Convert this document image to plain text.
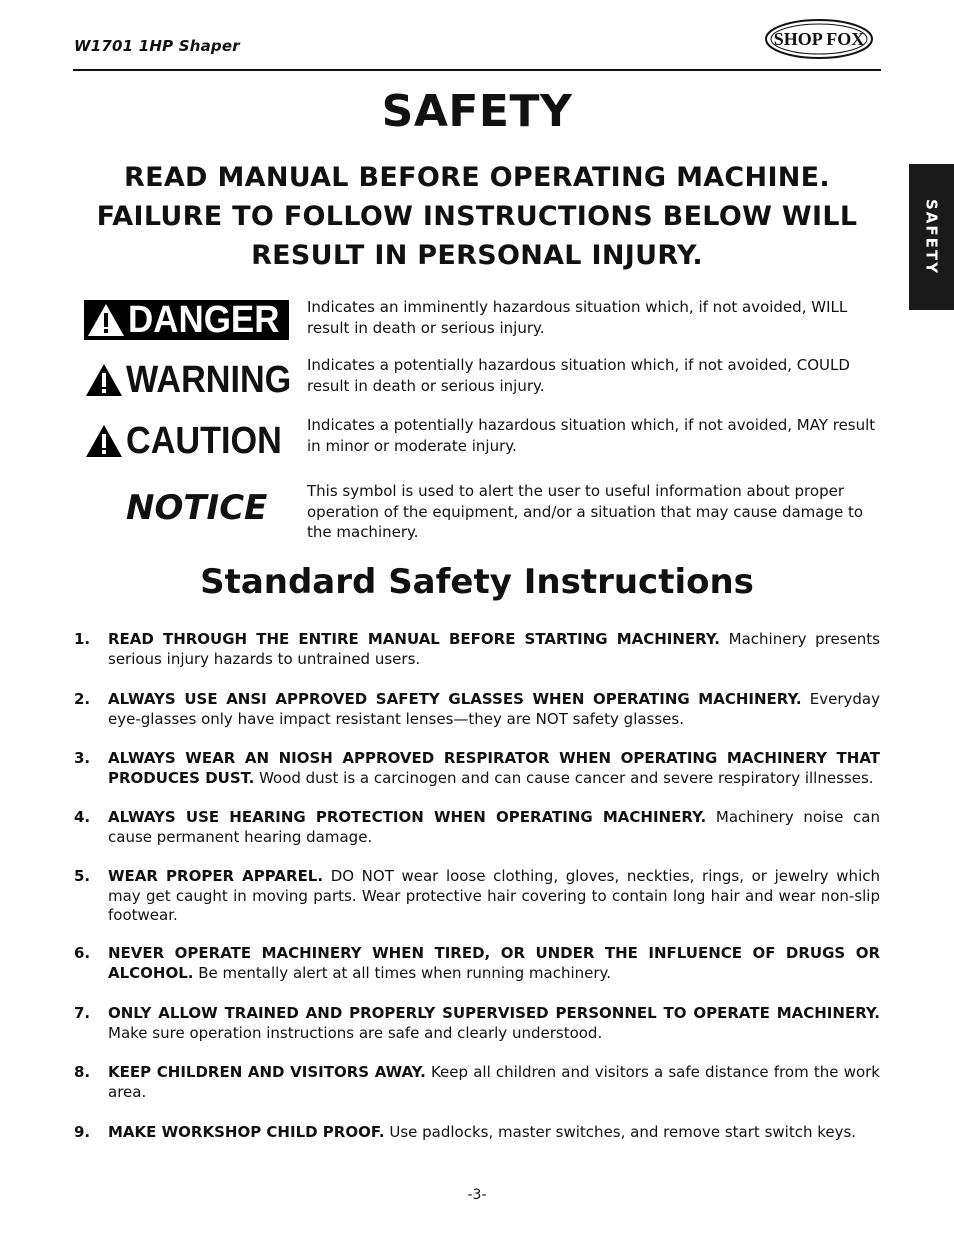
W1701 1HP Shaper	SHOP FOX
SAFETY
SAFETY
READ MANUAL BEFORE OPERATING MACHINE.
FAILURE TO FOLLOW INSTRUCTIONS BELOW WILL
RESULT IN PERSONAL INJURY.
DANGER Indicates an imminently hazardous situation which, if not avoided, WILL result in death or serious injury.
WARNING Indicates a potentially hazardous situation which, if not avoided, COULD result in death or serious injury.
CAUTION Indicates a potentially hazardous situation which, if not avoided, MAY result in minor or moderate injury.
NOTICE	This symbol is used to alert the user to useful information about proper operation of the equipment, and/or a situation that may cause damage to the machinery.
Standard Safety Instructions
1. READ THROUGH THE ENTIRE MANUAL BEFORE STARTING MACHINERY. Machinery presents serious injury hazards to untrained users.
2. ALWAYS USE ANSI APPROVED SAFETY GLASSES WHEN OPERATING MACHINERY. Everyday eye-glasses only have impact resistant lenses—they are NOT safety glasses.
3. ALWAYS WEAR AN NIOSH APPROVED RESPIRATOR WHEN OPERATING MACHINERY THAT PRODUCES DUST. Wood dust is a carcinogen and can cause cancer and severe respiratory illnesses.
4. ALWAYS USE HEARING PROTECTION WHEN OPERATING MACHINERY. Machinery noise can cause permanent hearing damage.
5. WEAR PROPER APPAREL. DO NOT wear loose clothing, gloves, neckties, rings, or jewelry which may get caught in moving parts. Wear protective hair covering to contain long hair and wear non-slip footwear.
6. NEVER OPERATE MACHINERY WHEN TIRED, OR UNDER THE INFLUENCE OF DRUGS OR ALCOHOL. Be mentally alert at all times when running machinery.
7. ONLY ALLOW TRAINED AND PROPERLY SUPERVISED PERSONNEL TO OPERATE MACHINERY. Make sure operation instructions are safe and clearly understood.
8. KEEP CHILDREN AND VISITORS AWAY. Keep all children and visitors a safe distance from the work area.
9. MAKE WORKSHOP CHILD PROOF. Use padlocks, master switches, and remove start switch keys.
-3-
